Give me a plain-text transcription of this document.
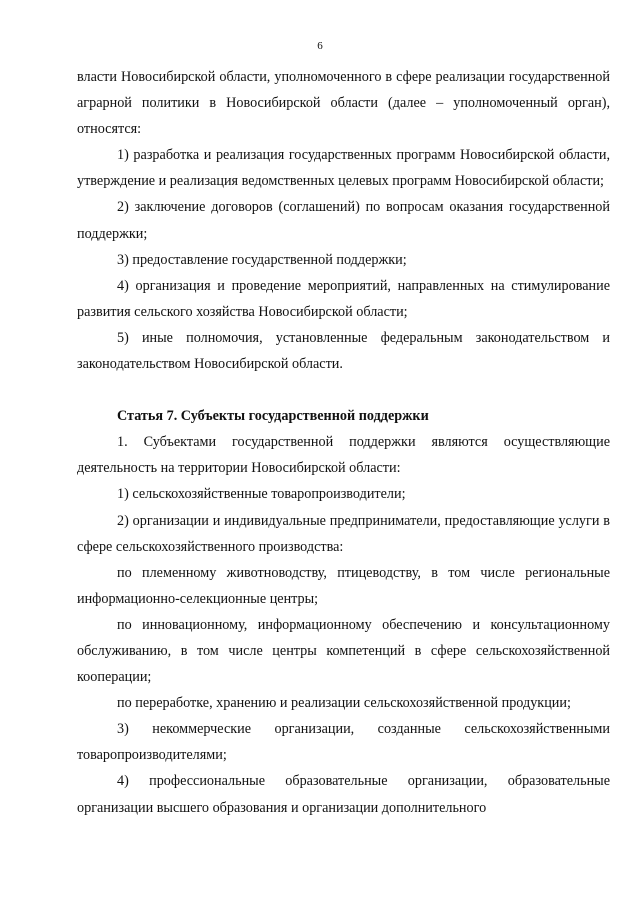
6

власти Новосибирской области, уполномоченного в сфере реализации государственной аграрной политики в Новосибирской области (далее – уполномоченный орган), относятся:

1) разработка и реализация государственных программ Новосибирской области, утверждение и реализация ведомственных целевых программ Новосибирской области;

2) заключение договоров (соглашений) по вопросам оказания государственной поддержки;

3) предоставление государственной поддержки;

4) организация и проведение мероприятий, направленных на стимулирование развития сельского хозяйства Новосибирской области;

5) иные полномочия, установленные федеральным законодательством и законодательством Новосибирской области.

Статья 7. Субъекты государственной поддержки

1. Субъектами государственной поддержки являются осуществляющие деятельность на территории Новосибирской области:

1) сельскохозяйственные товаропроизводители;

2) организации и индивидуальные предприниматели, предоставляющие услуги в сфере сельскохозяйственного производства:

по племенному животноводству, птицеводству, в том числе региональные информационно-селекционные центры;

по инновационному, информационному обеспечению и консультационному обслуживанию, в том числе центры компетенций в сфере сельскохозяйственной кооперации;

по переработке, хранению и реализации сельскохозяйственной продукции;

3) некоммерческие организации, созданные сельскохозяйственными товаропроизводителями;

4) профессиональные образовательные организации, образовательные организации высшего образования и организации дополнительного
